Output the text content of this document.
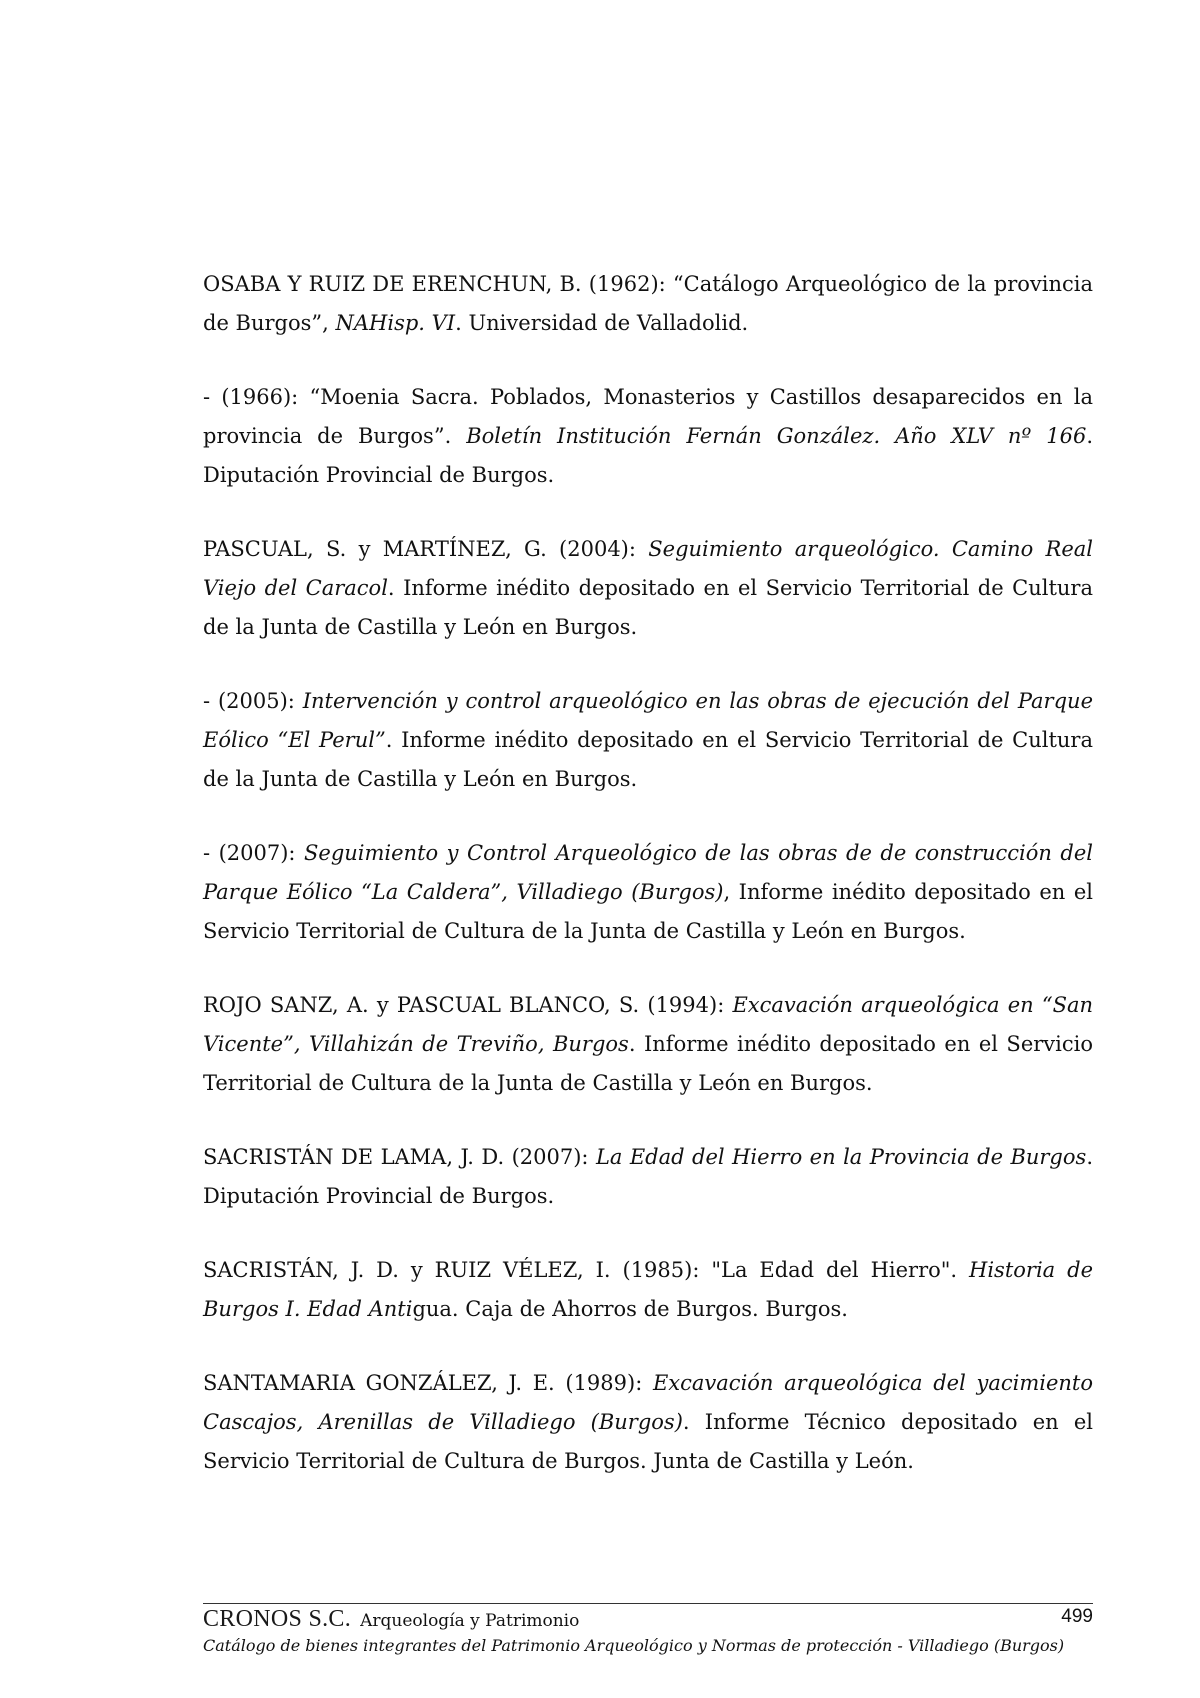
OSABA Y RUIZ DE ERENCHUN, B. (1962): “Catálogo Arqueológico de la provincia de Burgos”, NAHisp. VI. Universidad de Valladolid.

- (1966): “Moenia Sacra. Poblados, Monasterios y Castillos desaparecidos en la provincia de Burgos”. Boletín Institución Fernán González. Año XLV nº 166. Diputación Provincial de Burgos.

PASCUAL, S. y MARTÍNEZ, G. (2004): Seguimiento arqueológico. Camino Real Viejo del Caracol. Informe inédito depositado en el Servicio Territorial de Cultura de la Junta de Castilla y León en Burgos.

- (2005): Intervención y control arqueológico en las obras de ejecución del Parque Eólico “El Perul”. Informe inédito depositado en el Servicio Territorial de Cultura de la Junta de Castilla y León en Burgos.

- (2007): Seguimiento y Control Arqueológico de las obras de de construcción del Parque Eólico “La Caldera”, Villadiego (Burgos), Informe inédito depositado en el Servicio Territorial de Cultura de la Junta de Castilla y León en Burgos.

ROJO SANZ, A. y PASCUAL BLANCO, S. (1994): Excavación arqueológica en “San Vicente”, Villahizán de Treviño, Burgos. Informe inédito depositado en el Servicio Territorial de Cultura de la Junta de Castilla y León en Burgos.

SACRISTÁN DE LAMA, J. D. (2007): La Edad del Hierro en la Provincia de Burgos. Diputación Provincial de Burgos.

SACRISTÁN, J. D. y RUIZ VÉLEZ, I. (1985): "La Edad del Hierro". Historia de Burgos I. Edad Antigua. Caja de Ahorros de Burgos. Burgos.

SANTAMARIA GONZÁLEZ, J. E. (1989): Excavación arqueológica del yacimiento Cascajos, Arenillas de Villadiego (Burgos). Informe Técnico depositado en el Servicio Territorial de Cultura de Burgos. Junta de Castilla y León.

CRONOS S.C. Arqueología y Patrimonio	499
Catálogo de bienes integrantes del Patrimonio Arqueológico y Normas de protección - Villadiego (Burgos)
